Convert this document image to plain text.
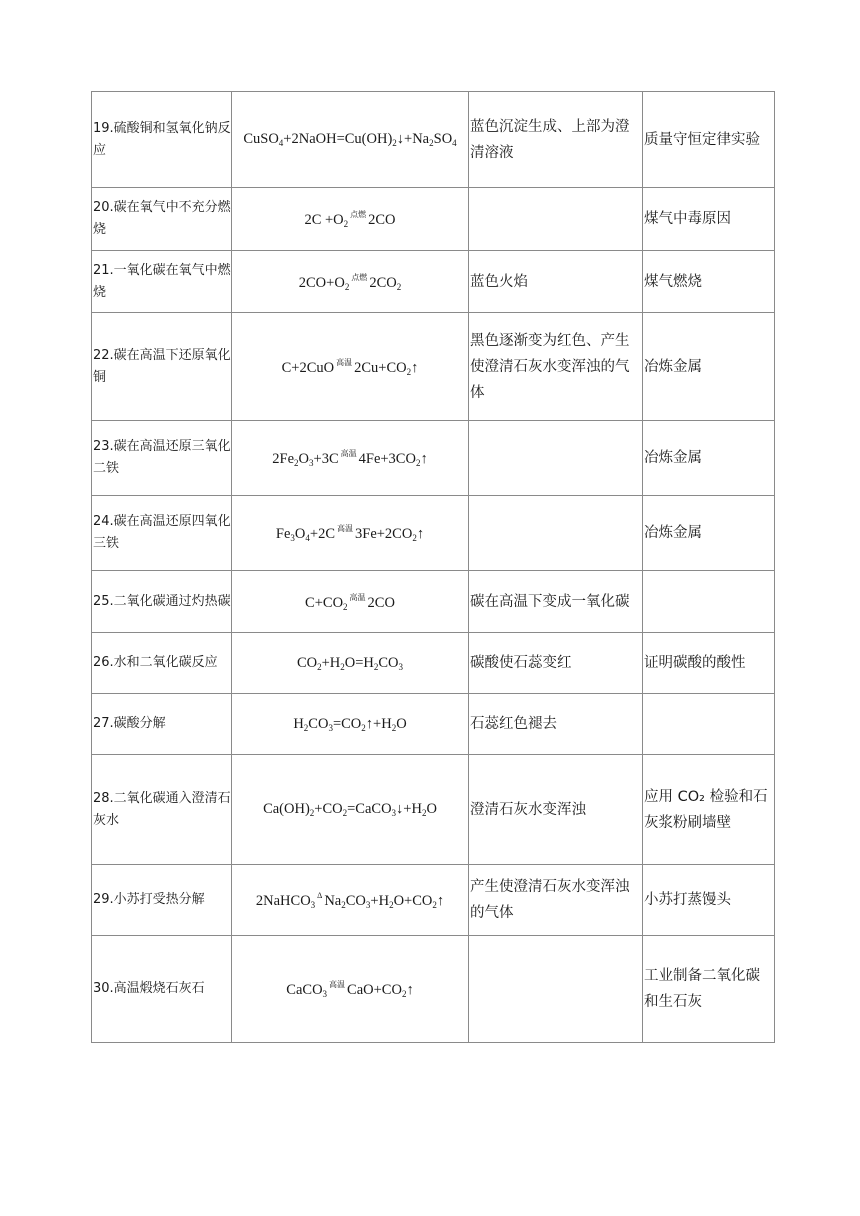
19.硫酸铜和氢氧化钠反应	$CuSO_4+2NaOH=Cu(OH)_2↓+Na_2SO_4$	蓝色沉淀生成、上部为澄清溶液	质量守恒定律实验

20.碳在氧气中不充分燃烧	$2C +O_2^{点燃}$ 2CO		煤气中毒原因

21.一氧化碳在氧气中燃烧	$2CO+O_2^{点燃}$ $2CO_2$	蓝色火焰	煤气燃烧

22.碳在高温下还原氧化铜	C+2CuO $^{高温}$ $2Cu+CO_2↑$	黑色逐渐变为红色、产生使澄清石灰水变浑浊的气体	冶炼金属

23.碳在高温还原三氧化二铁	$2Fe_2O_3+3C$ $^{高温}$ $4Fe+3CO_2↑$		冶炼金属

24.碳在高温还原四氧化三铁	$Fe_3O_4+2C$ $^{高温}$ $3Fe+2CO_2↑$		冶炼金属

25.二氧化碳通过灼热碳	$C+CO_2^{高温}$ 2CO	碳在高温下变成一氧化碳	

26.水和二氧化碳反应	$CO_2+H_2O=H_2CO_3$	碳酸使石蕊变红	证明碳酸的酸性

27.碳酸分解	$H_2CO_3=CO_2↑+H_2O$	石蕊红色褪去	

28.二氧化碳通入澄清石灰水	$Ca(OH)_2+CO_2=CaCO_3↓+H_2O$	澄清石灰水变浑浊	应用 CO₂ 检验和石灰浆粉刷墙壁

29.小苏打受热分解	2NaHCO$_3^\Delta$ $Na_2CO_3+H_2O+CO_2↑$	产生使澄清石灰水变浑浊的气体	小苏打蒸馒头

30.高温煅烧石灰石	CaCO$_3^{高温}$ $CaO+CO_2↑$		工业制备二氧化碳和生石灰
